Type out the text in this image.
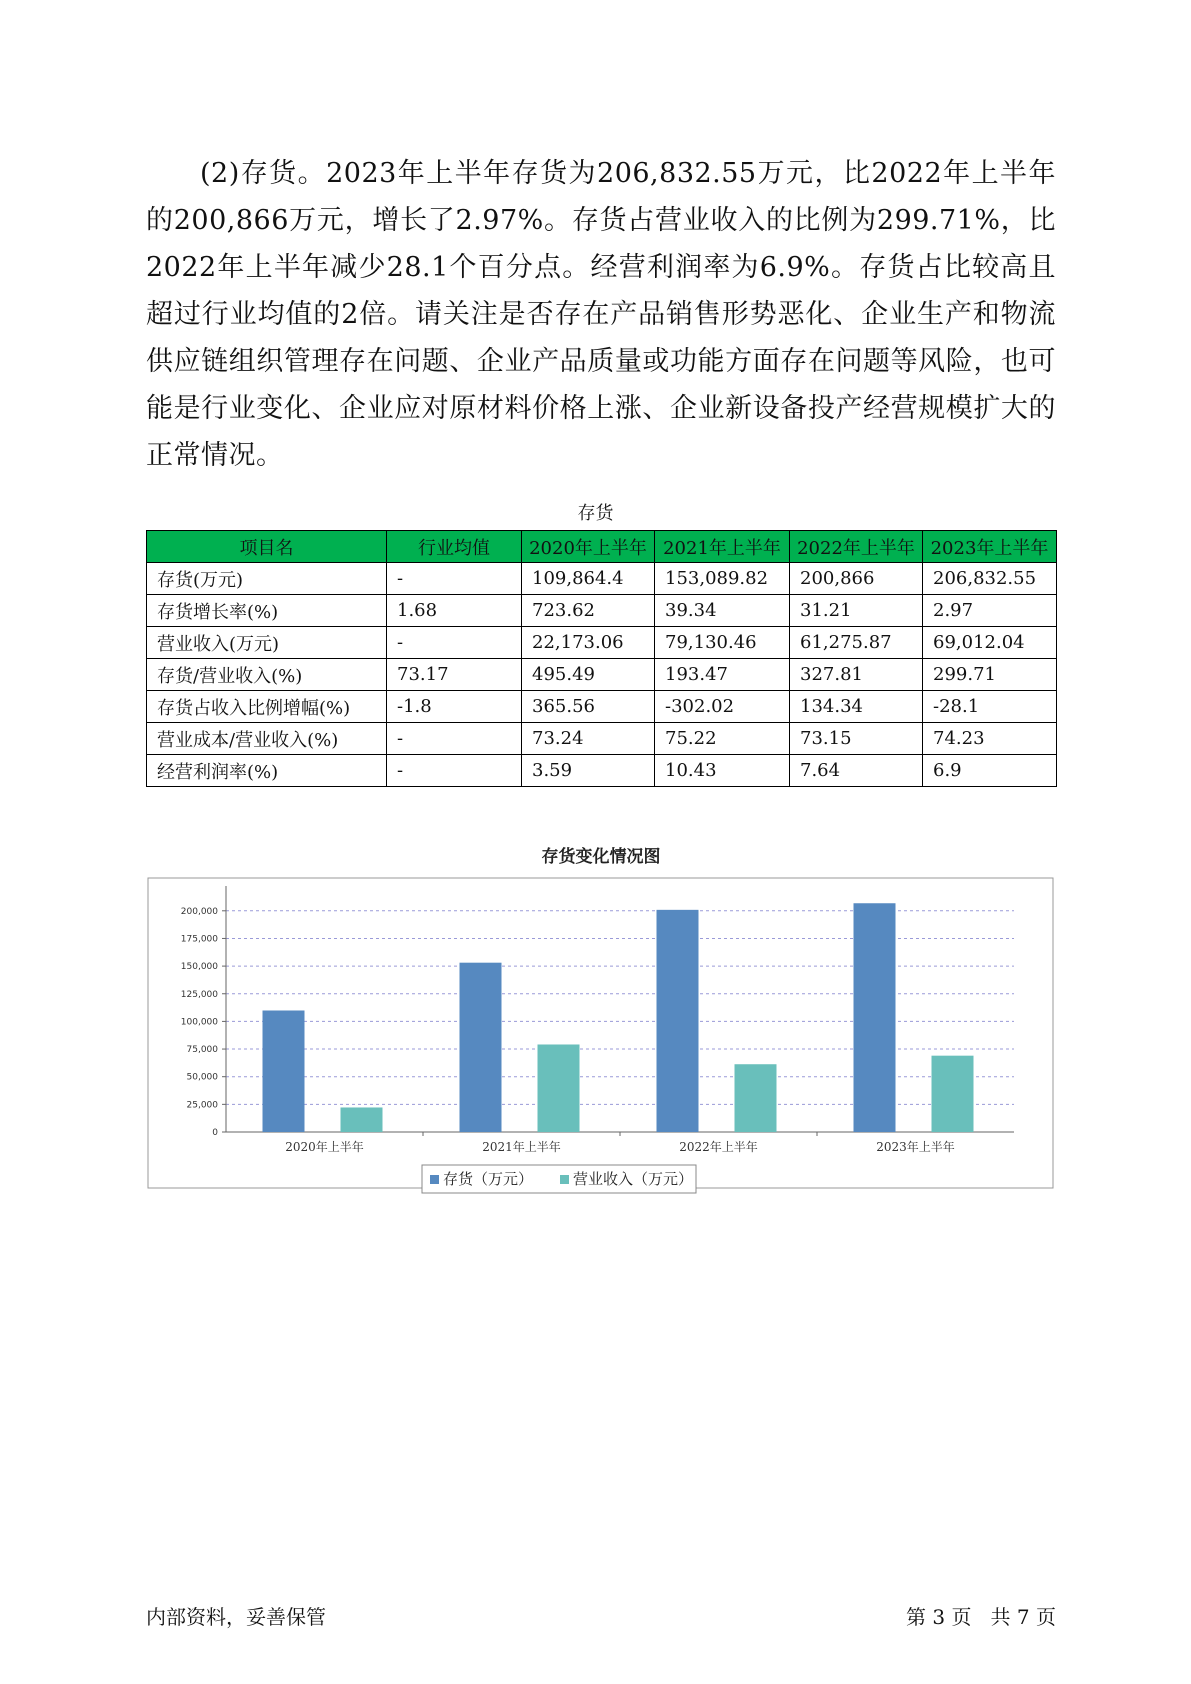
(2)存货。2023年上半年存货为206,832.55万元，比2022年上半年的200,866万元，增长了2.97%。存货占营业收入的比例为299.71%，比2022年上半年减少28.1个百分点。经营利润率为6.9%。存货占比较高且超过行业均值的2倍。请关注是否存在产品销售形势恶化、企业生产和物流供应链组织管理存在问题、企业产品质量或功能方面存在问题等风险，也可能是行业变化、企业应对原材料价格上涨、企业新设备投产经营规模扩大的正常情况。

存货
项目名	行业均值	2020年上半年	2021年上半年	2022年上半年	2023年上半年
存货(万元)	-	109,864.4	153,089.82	200,866	206,832.55
存货增长率(%)	1.68	723.62	39.34	31.21	2.97
营业收入(万元)	-	22,173.06	79,130.46	61,275.87	69,012.04
存货/营业收入(%)	73.17	495.49	193.47	327.81	299.71
存货占收入比例增幅(%)	-1.8	365.56	-302.02	134.34	-28.1
营业成本/营业收入(%)	-	73.24	75.22	73.15	74.23
经营利润率(%)	-	3.59	10.43	7.64	6.9
存货变化情况图
0
25,000
50,000
75,000
100,000
125,000
150,000
175,000
200,000
2020年上半年	2021年上半年	2022年上半年	2023年上半年
存货（万元）	营业收入（万元）
内部资料，妥善保管	第 3 页   共 7 页
